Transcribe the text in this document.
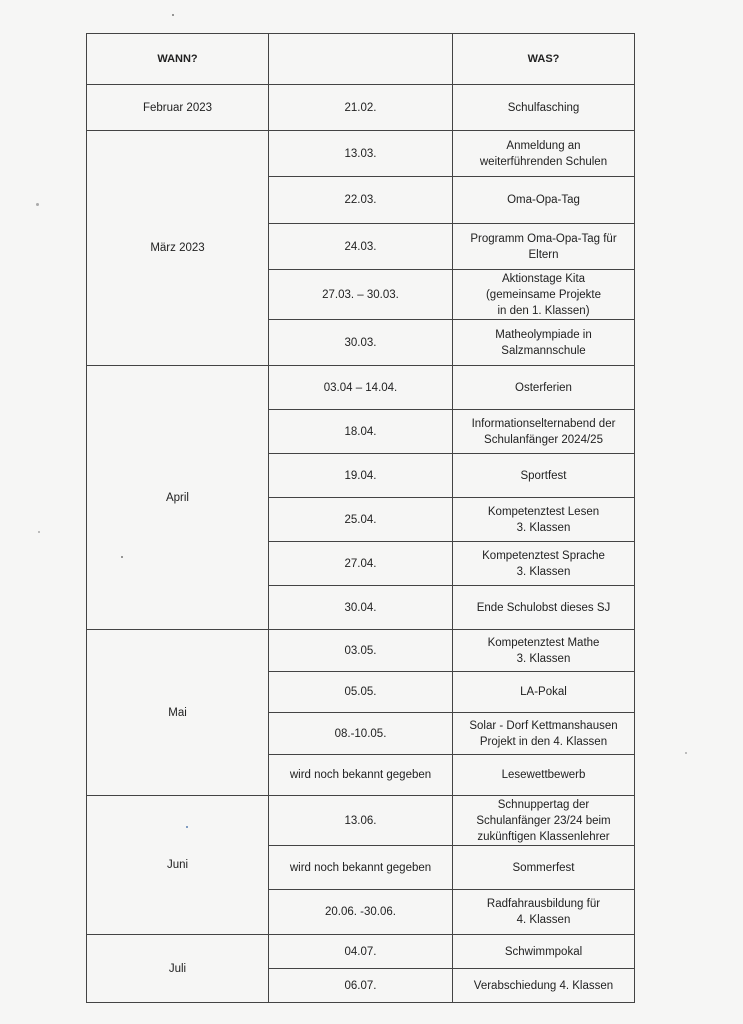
WANN?		WAS?
Februar 2023	21.02.	Schulfasching
März 2023	13.03.	Anmeldung an
weiterführenden Schulen
	22.03.	Oma-Opa-Tag
	24.03.	Programm Oma-Opa-Tag für
Eltern
	27.03. – 30.03.	Aktionstage Kita
(gemeinsame Projekte
in den 1. Klassen)
	30.03.	Matheolympiade in
Salzmannschule
April	03.04 – 14.04.	Osterferien
	18.04.	Informationselternabend der
Schulanfänger 2024/25
	19.04.	Sportfest
	25.04.	Kompetenztest Lesen
3. Klassen
	27.04.	Kompetenztest Sprache
3. Klassen
	30.04.	Ende Schulobst dieses SJ
Mai	03.05.	Kompetenztest Mathe
3. Klassen
	05.05.	LA-Pokal
	08.-10.05.	Solar - Dorf Kettmanshausen
Projekt in den 4. Klassen
	wird noch bekannt gegeben	Lesewettbewerb
Juni	13.06.	Schnuppertag der
Schulanfänger 23/24 beim
zukünftigen Klassenlehrer
	wird noch bekannt gegeben	Sommerfest
	20.06. -30.06.	Radfahrausbildung für
4. Klassen
Juli	04.07.	Schwimmpokal
	06.07.	Verabschiedung 4. Klassen
